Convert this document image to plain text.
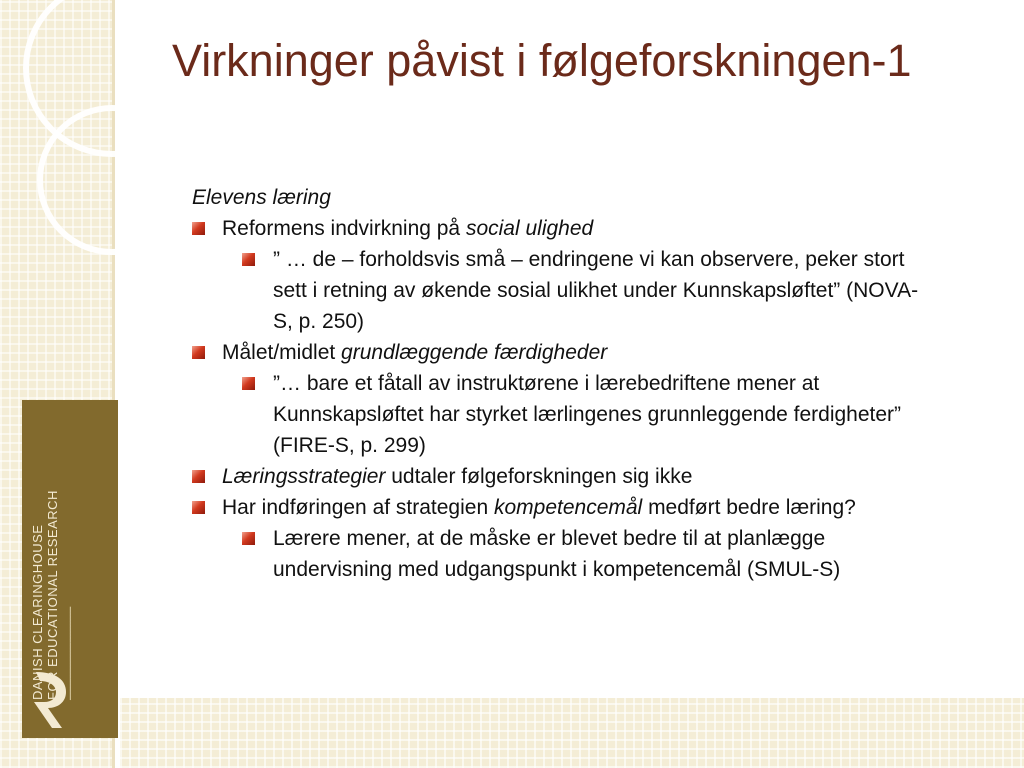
DANISH CLEARINGHOUSE FOR EDUCATIONAL RESEARCH ━━━━━━━━━━━━━━━━━━━━━━━━━━━━━━━
Virkninger påvist i følgeforskningen-1
Elevens læring
Reformens indvirkning på social ulighed
” … de – forholdsvis små – endringene vi kan observere, peker stort sett i retning av økende sosial ulikhet under Kunnskapsløftet” (NOVA-S, p. 250)
Målet/midlet grundlæggende færdigheder
”… bare et fåtall av instruktørene i lærebedriftene mener at Kunnskapsløftet har styrket lærlingenes grunnleggende ferdigheter” (FIRE-S, p. 299)
Læringsstrategier udtaler følgeforskningen sig ikke
Har indføringen af strategien kompetencemål medført bedre læring?
Lærere mener, at de måske er blevet bedre til at planlægge undervisning med udgangspunkt i kompetencemål (SMUL-S)
